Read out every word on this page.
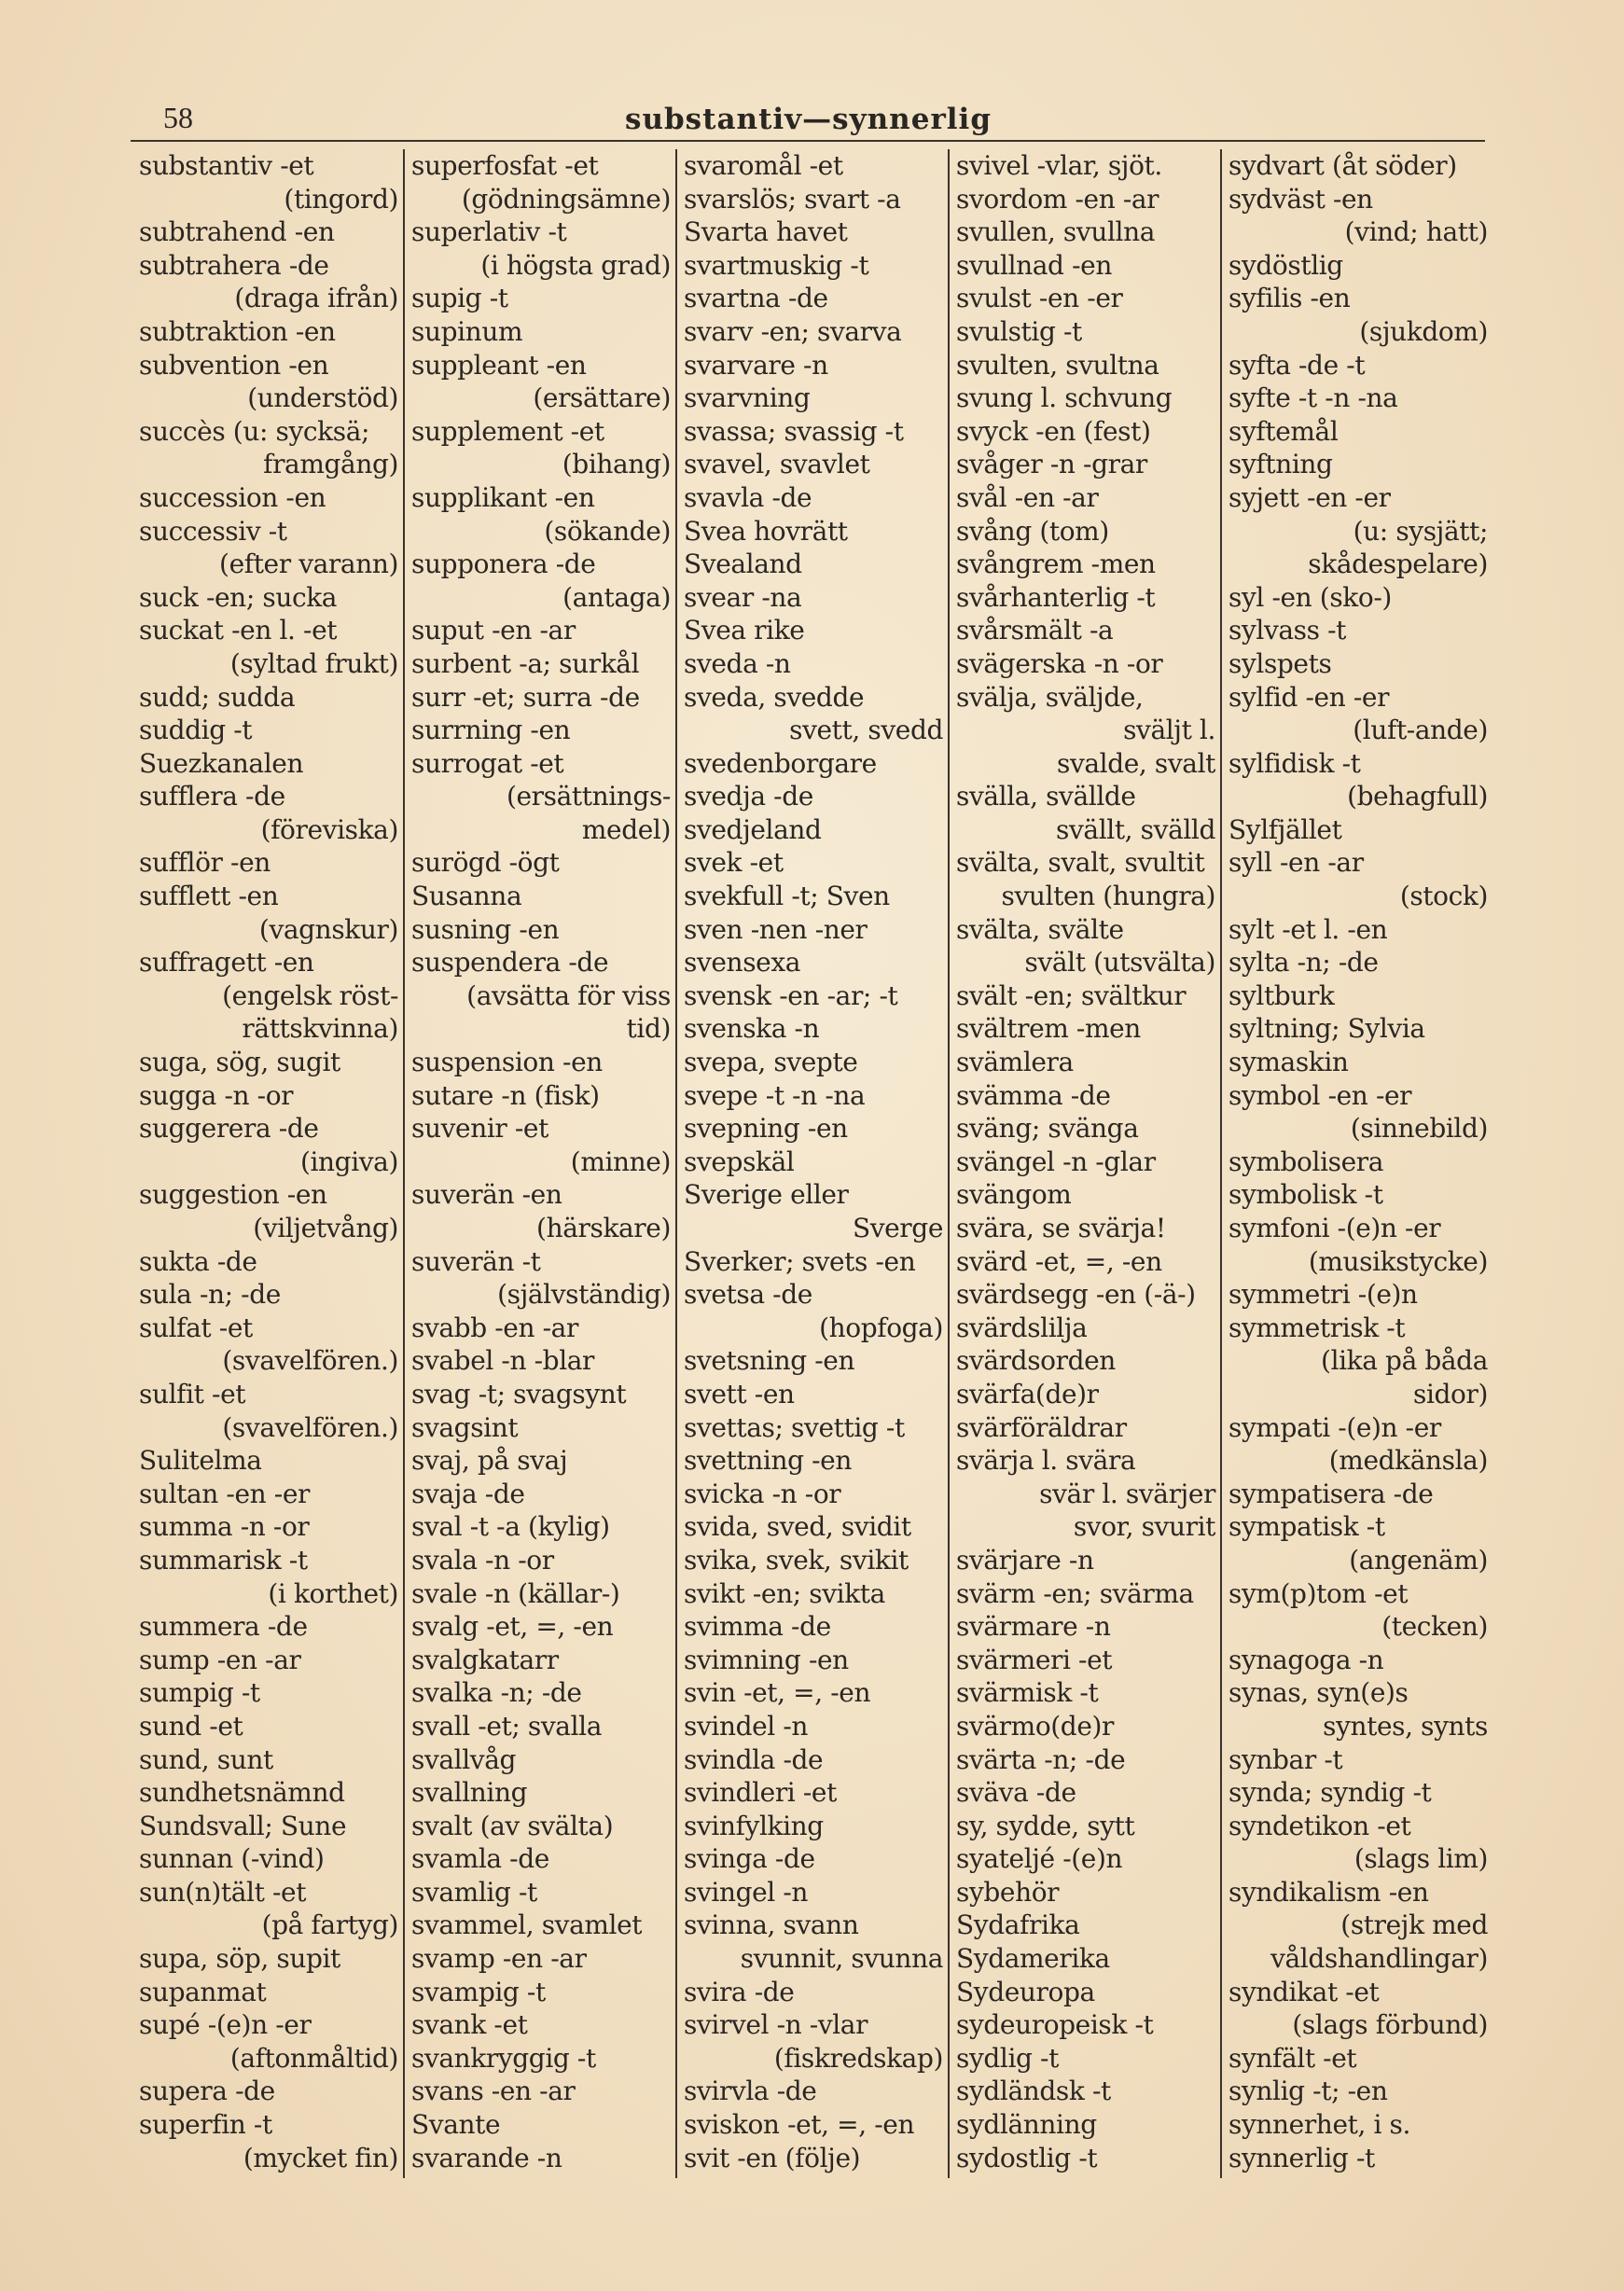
58	substantiv—synnerlig
substantiv -et
(tingord)
subtrahend -en
subtrahera -de
(draga ifrån)
subtraktion -en
subvention -en
(understöd)
succès (u: sycksä;
framgång)
succession -en
successiv -t
(efter varann)
suck -en; sucka
suckat -en l. -et
(syltad frukt)
sudd; sudda
suddig -t
Suezkanalen
sufflera -de
(föreviska)
sufflör -en
sufflett -en
(vagnskur)
suffragett -en
(engelsk röst-
rättskvinna)
suga, sög, sugit
sugga -n -or
suggerera -de
(ingiva)
suggestion -en
(viljetvång)
sukta -de
sula -n; -de
sulfat -et
(svavelfören.)
sulfit -et
(svavelfören.)
Sulitelma
sultan -en -er
summa -n -or
summarisk -t
(i korthet)
summera -de
sump -en -ar
sumpig -t
sund -et
sund, sunt
sundhetsnämnd
Sundsvall; Sune
sunnan (-vind)
sun(n)tält -et
(på fartyg)
supa, söp, supit
supanmat
supé -(e)n -er
(aftonmåltid)
supera -de
superfin -t
(mycket fin)
superfosfat -et
(gödningsämne)
superlativ -t
(i högsta grad)
supig -t
supinum
suppleant -en
(ersättare)
supplement -et
(bihang)
supplikant -en
(sökande)
supponera -de
(antaga)
suput -en -ar
surbent -a; surkål
surr -et; surra -de
surrning -en
surrogat -et
(ersättnings-
medel)
surögd -ögt
Susanna
susning -en
suspendera -de
(avsätta för viss
tid)
suspension -en
sutare -n (fisk)
suvenir -et
(minne)
suverän -en
(härskare)
suverän -t
(självständig)
svabb -en -ar
svabel -n -blar
svag -t; svagsynt
svagsint
svaj, på svaj
svaja -de
sval -t -a (kylig)
svala -n -or
svale -n (källar-)
svalg -et, =, -en
svalgkatarr
svalka -n; -de
svall -et; svalla
svallvåg
svallning
svalt (av svälta)
svamla -de
svamlig -t
svammel, svamlet
svamp -en -ar
svampig -t
svank -et
svankryggig -t
svans -en -ar
Svante
svarande -n
svaromål -et
svarslös; svart -a
Svarta havet
svartmuskig -t
svartna -de
svarv -en; svarva
svarvare -n
svarvning
svassa; svassig -t
svavel, svavlet
svavla -de
Svea hovrätt
Svealand
svear -na
Svea rike
sveda -n
sveda, svedde
svett, svedd
svedenborgare
svedja -de
svedjeland
svek -et
svekfull -t; Sven
sven -nen -ner
svensexa
svensk -en -ar; -t
svenska -n
svepa, svepte
svepe -t -n -na
svepning -en
svepskäl
Sverige eller
Sverge
Sverker; svets -en
svetsa -de
(hopfoga)
svetsning -en
svett -en
svettas; svettig -t
svettning -en
svicka -n -or
svida, sved, svidit
svika, svek, svikit
svikt -en; svikta
svimma -de
svimning -en
svin -et, =, -en
svindel -n
svindla -de
svindleri -et
svinfylking
svinga -de
svingel -n
svinna, svann
svunnit, svunna
svira -de
svirvel -n -vlar
(fiskredskap)
svirvla -de
sviskon -et, =, -en
svit -en (följe)
svivel -vlar, sjöt.
svordom -en -ar
svullen, svullna
svullnad -en
svulst -en -er
svulstig -t
svulten, svultna
svung l. schvung
svyck -en (fest)
svåger -n -grar
svål -en -ar
svång (tom)
svångrem -men
svårhanterlig -t
svårsmält -a
svägerska -n -or
svälja, sväljde,
sväljt l.
svalde, svalt
svälla, svällde
svällt, svälld
svälta, svalt, svultit
svulten (hungra)
svälta, svälte
svält (utsvälta)
svält -en; svältkur
svältrem -men
svämlera
svämma -de
sväng; svänga
svängel -n -glar
svängom
svära, se svärja!
svärd -et, =, -en
svärdsegg -en (-ä-)
svärdslilja
svärdsorden
svärfa(de)r
svärföräldrar
svärja l. svära
svär l. svärjer
svor, svurit
svärjare -n
svärm -en; svärma
svärmare -n
svärmeri -et
svärmisk -t
svärmo(de)r
svärta -n; -de
sväva -de
sy, sydde, sytt
syateljé -(e)n
sybehör
Sydafrika
Sydamerika
Sydeuropa
sydeuropeisk -t
sydlig -t
sydländsk -t
sydlänning
sydostlig -t
sydvart (åt söder)
sydväst -en
(vind; hatt)
sydöstlig
syfilis -en
(sjukdom)
syfta -de -t
syfte -t -n -na
syftemål
syftning
syjett -en -er
(u: sysjätt;
skådespelare)
syl -en (sko-)
sylvass -t
sylspets
sylfid -en -er
(luft-ande)
sylfidisk -t
(behagfull)
Sylfjället
syll -en -ar
(stock)
sylt -et l. -en
sylta -n; -de
syltburk
syltning; Sylvia
symaskin
symbol -en -er
(sinnebild)
symbolisera
symbolisk -t
symfoni -(e)n -er
(musikstycke)
symmetri -(e)n
symmetrisk -t
(lika på båda
sidor)
sympati -(e)n -er
(medkänsla)
sympatisera -de
sympatisk -t
(angenäm)
sym(p)tom -et
(tecken)
synagoga -n
synas, syn(e)s
syntes, synts
synbar -t
synda; syndig -t
syndetikon -et
(slags lim)
syndikalism -en
(strejk med
våldshandlingar)
syndikat -et
(slags förbund)
synfält -et
synlig -t; -en
synnerhet, i s.
synnerlig -t
